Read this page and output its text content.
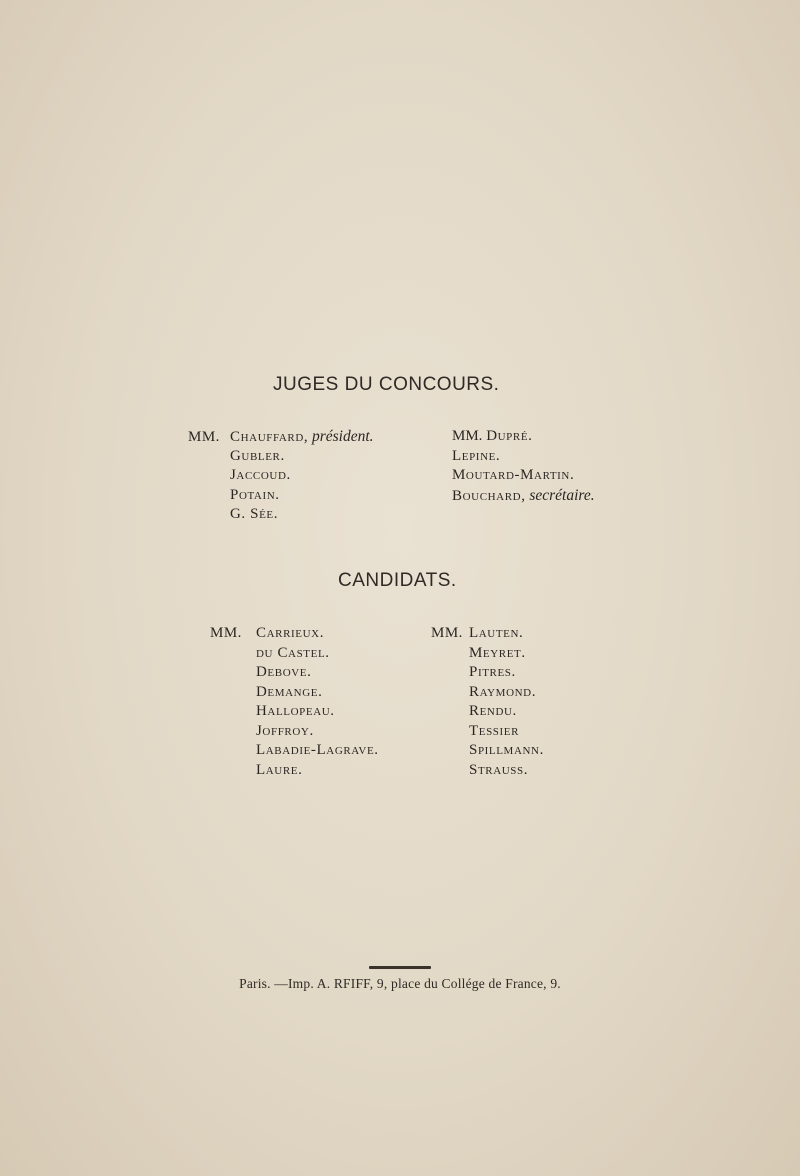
JUGES DU CONCOURS.
MM. Chauffard, président.
Gubler.
Jaccoud.
Potain.
G. Sée.
MM. Dupré.
Lepine.
Moutard-Martin.
Bouchard, secrétaire.
CANDIDATS.
MM. Carrieux.
du Castel.
Debove.
Demange.
Hallopeau.
Joffroy.
Labadie-Lagrave.
Laure.
MM. Lauten.
Meyret.
Pitres.
Raymond.
Rendu.
Tessier
Spillmann.
Strauss.
Paris. —Imp. A. RFIFF, 9, place du Collége de France, 9.
